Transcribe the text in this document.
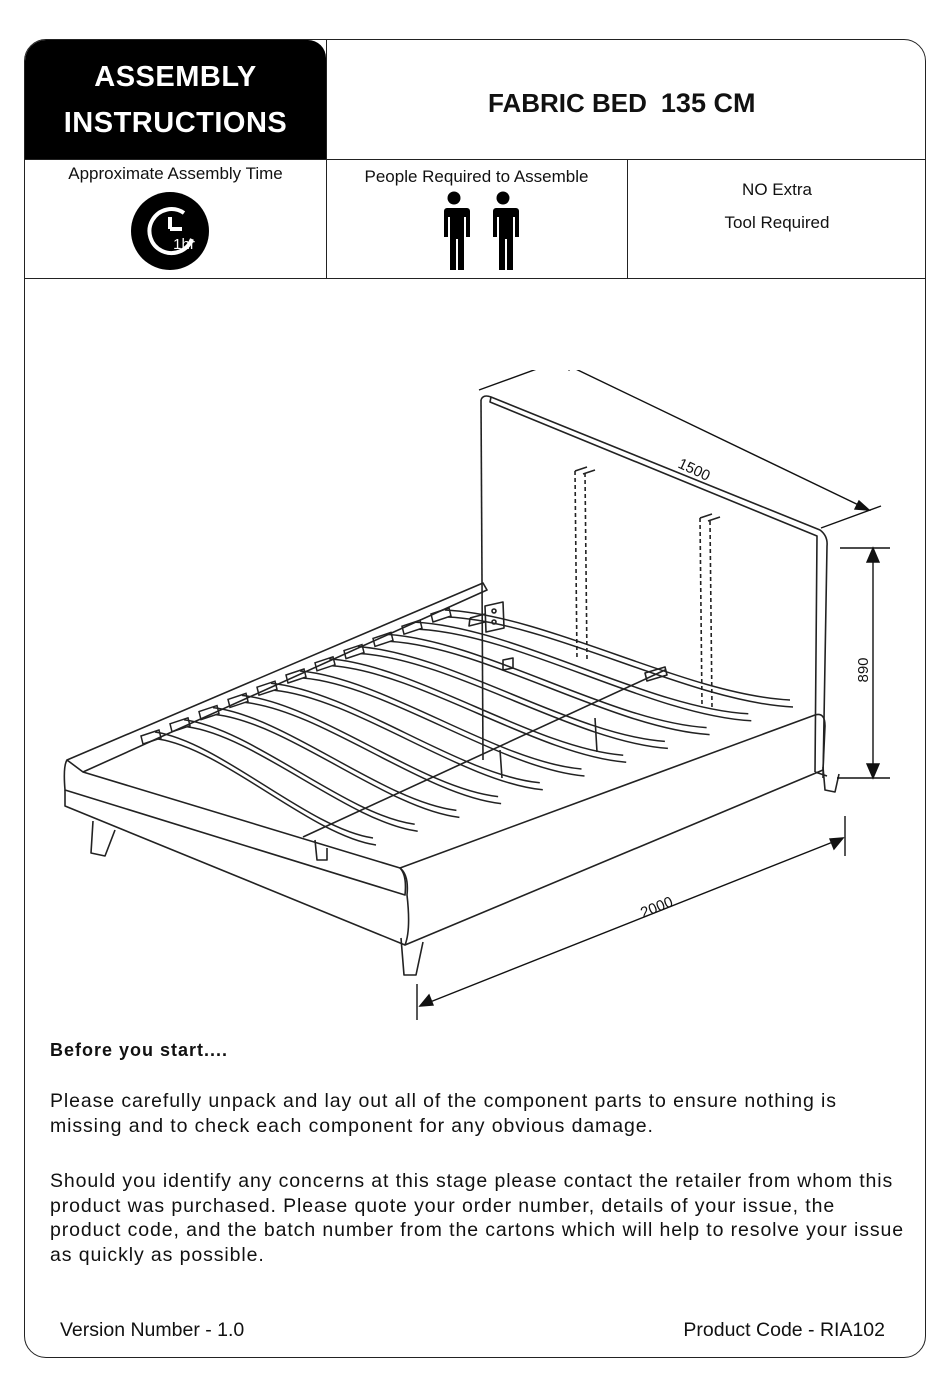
ASSEMBLY
INSTRUCTIONS
FABRIC BED 135 CM
Approximate Assembly Time
1hr
People Required to Assemble
NO Extra
Tool Required
1500
890
2000
Before you start....
Please carefully unpack and lay out all of the component parts to ensure nothing is missing and to check each component for any obvious damage.
Should you identify any concerns at this stage please contact the retailer from whom this product was purchased. Please quote your order number, details of your issue, the product code, and the batch number from the cartons which will help to resolve your issue as quickly as possible.
Version Number - 1.0	Product Code - RIA102
